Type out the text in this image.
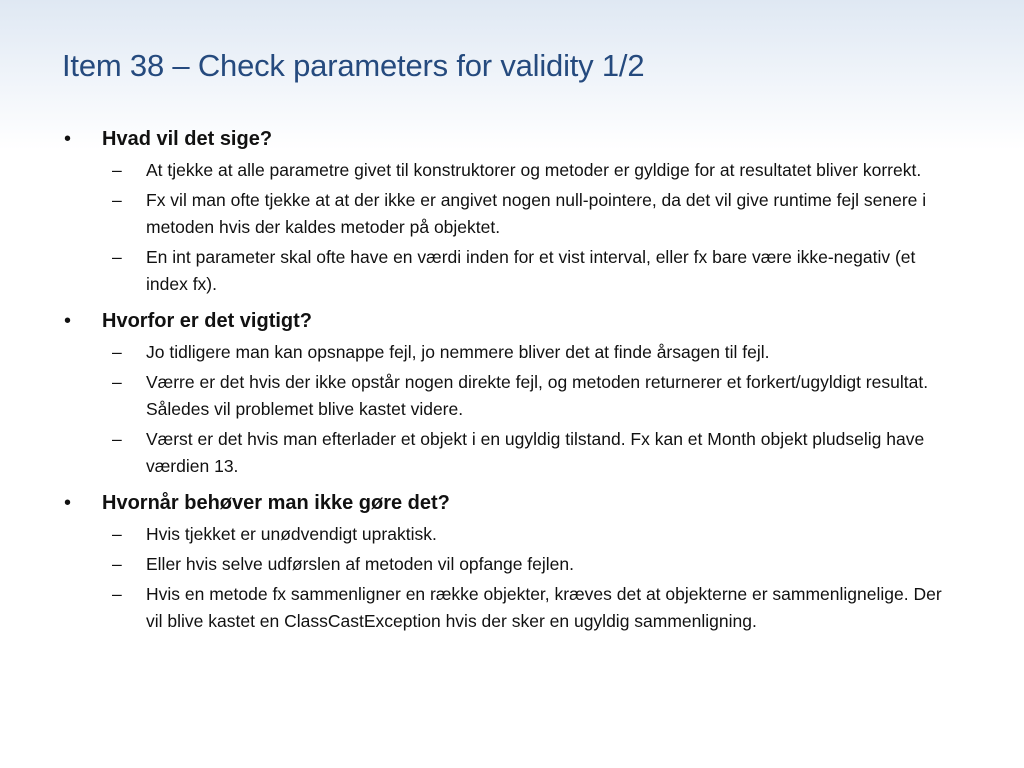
Item 38 – Check parameters for validity 1/2
•	Hvad vil det sige?
–	At tjekke at alle parametre givet til konstruktorer og metoder er gyldige for at resultatet bliver korrekt.
–	Fx vil man ofte tjekke at at der ikke er angivet nogen null-pointere, da det vil give runtime fejl senere i metoden hvis der kaldes metoder på objektet.
–	En int parameter skal ofte have en værdi inden for et vist interval, eller fx bare være ikke-negativ (et index fx).
•	Hvorfor er det vigtigt?
–	Jo tidligere man kan opsnappe fejl, jo nemmere bliver det at finde årsagen til fejl.
–	Værre er det hvis der ikke opstår nogen direkte fejl, og metoden returnerer et forkert/ugyldigt resultat. Således vil problemet blive kastet videre.
–	Værst er det hvis man efterlader et objekt i en ugyldig tilstand. Fx kan et Month objekt pludselig have værdien 13.
•	Hvornår behøver man ikke gøre det?
–	Hvis tjekket er unødvendigt upraktisk.
–	Eller hvis selve udførslen af metoden vil opfange fejlen.
–	Hvis en metode fx sammenligner en række objekter, kræves det at objekterne er sammenlignelige. Der vil blive kastet en ClassCastException hvis der sker en ugyldig sammenligning.
